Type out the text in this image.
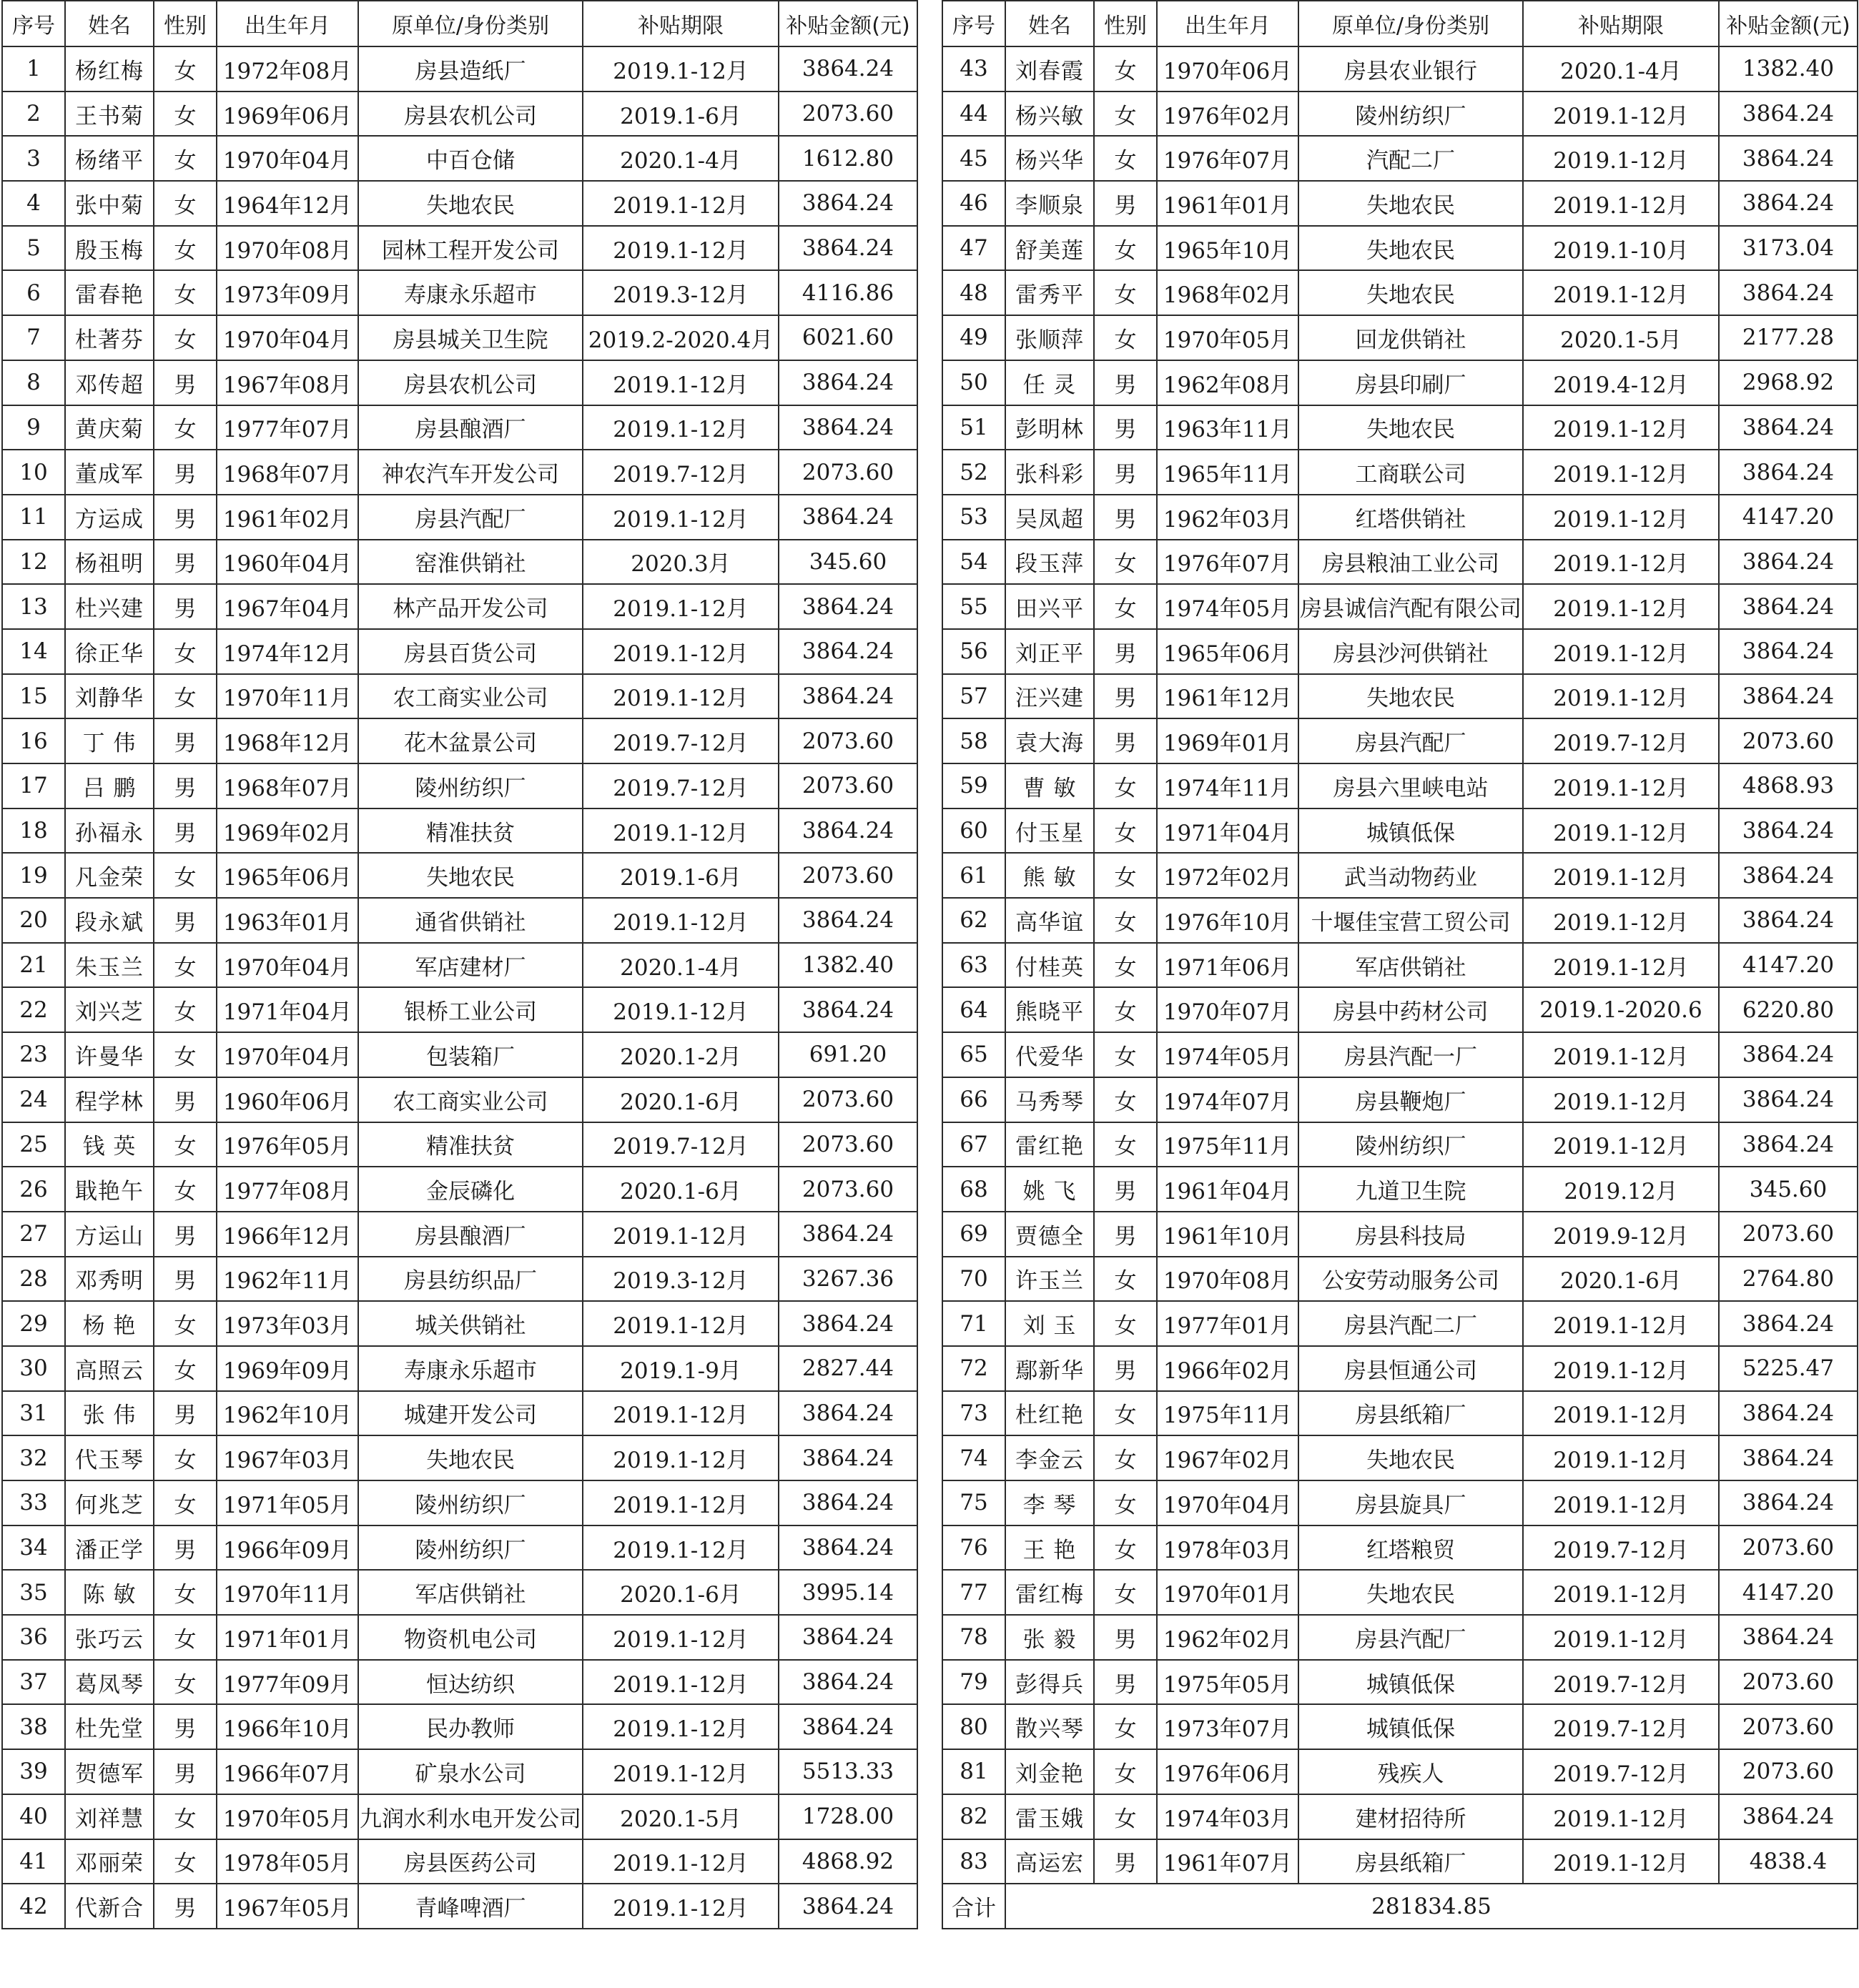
序号	姓名	性别	出生年月	原单位/身份类别	补贴期限	补贴金额(元)
1	杨红梅	女	1972年08月	房县造纸厂	2019.1-12月	3864.24
2	王书菊	女	1969年06月	房县农机公司	2019.1-6月	2073.60
3	杨绪平	女	1970年04月	中百仓储	2020.1-4月	1612.80
4	张中菊	女	1964年12月	失地农民	2019.1-12月	3864.24
5	殷玉梅	女	1970年08月	园林工程开发公司	2019.1-12月	3864.24
6	雷春艳	女	1973年09月	寿康永乐超市	2019.3-12月	4116.86
7	杜著芬	女	1970年04月	房县城关卫生院	2019.2-2020.4月	6021.60
8	邓传超	男	1967年08月	房县农机公司	2019.1-12月	3864.24
9	黄庆菊	女	1977年07月	房县酿酒厂	2019.1-12月	3864.24
10	董成军	男	1968年07月	神农汽车开发公司	2019.7-12月	2073.60
11	方运成	男	1961年02月	房县汽配厂	2019.1-12月	3864.24
12	杨祖明	男	1960年04月	窑淮供销社	2020.3月	345.60
13	杜兴建	男	1967年04月	林产品开发公司	2019.1-12月	3864.24
14	徐正华	女	1974年12月	房县百货公司	2019.1-12月	3864.24
15	刘静华	女	1970年11月	农工商实业公司	2019.1-12月	3864.24
16	丁 伟	男	1968年12月	花木盆景公司	2019.7-12月	2073.60
17	吕 鹏	男	1968年07月	陵州纺织厂	2019.7-12月	2073.60
18	孙福永	男	1969年02月	精准扶贫	2019.1-12月	3864.24
19	凡金荣	女	1965年06月	失地农民	2019.1-6月	2073.60
20	段永斌	男	1963年01月	通省供销社	2019.1-12月	3864.24
21	朱玉兰	女	1970年04月	军店建材厂	2020.1-4月	1382.40
22	刘兴芝	女	1971年04月	银桥工业公司	2019.1-12月	3864.24
23	许曼华	女	1970年04月	包装箱厂	2020.1-2月	691.20
24	程学林	男	1960年06月	农工商实业公司	2020.1-6月	2073.60
25	钱 英	女	1976年05月	精准扶贫	2019.7-12月	2073.60
26	戢艳午	女	1977年08月	金辰磷化	2020.1-6月	2073.60
27	方运山	男	1966年12月	房县酿酒厂	2019.1-12月	3864.24
28	邓秀明	男	1962年11月	房县纺织品厂	2019.3-12月	3267.36
29	杨 艳	女	1973年03月	城关供销社	2019.1-12月	3864.24
30	高照云	女	1969年09月	寿康永乐超市	2019.1-9月	2827.44
31	张 伟	男	1962年10月	城建开发公司	2019.1-12月	3864.24
32	代玉琴	女	1967年03月	失地农民	2019.1-12月	3864.24
33	何兆芝	女	1971年05月	陵州纺织厂	2019.1-12月	3864.24
34	潘正学	男	1966年09月	陵州纺织厂	2019.1-12月	3864.24
35	陈 敏	女	1970年11月	军店供销社	2020.1-6月	3995.14
36	张巧云	女	1971年01月	物资机电公司	2019.1-12月	3864.24
37	葛凤琴	女	1977年09月	恒达纺织	2019.1-12月	3864.24
38	杜先堂	男	1966年10月	民办教师	2019.1-12月	3864.24
39	贺德军	男	1966年07月	矿泉水公司	2019.1-12月	5513.33
40	刘祥慧	女	1970年05月	九润水利水电开发公司	2020.1-5月	1728.00
41	邓丽荣	女	1978年05月	房县医药公司	2019.1-12月	4868.92
42	代新合	男	1967年05月	青峰啤酒厂	2019.1-12月	3864.24
序号	姓名	性别	出生年月	原单位/身份类别	补贴期限	补贴金额(元)
43	刘春霞	女	1970年06月	房县农业银行	2020.1-4月	1382.40
44	杨兴敏	女	1976年02月	陵州纺织厂	2019.1-12月	3864.24
45	杨兴华	女	1976年07月	汽配二厂	2019.1-12月	3864.24
46	李顺泉	男	1961年01月	失地农民	2019.1-12月	3864.24
47	舒美莲	女	1965年10月	失地农民	2019.1-10月	3173.04
48	雷秀平	女	1968年02月	失地农民	2019.1-12月	3864.24
49	张顺萍	女	1970年05月	回龙供销社	2020.1-5月	2177.28
50	任 灵	男	1962年08月	房县印刷厂	2019.4-12月	2968.92
51	彭明林	男	1963年11月	失地农民	2019.1-12月	3864.24
52	张科彩	男	1965年11月	工商联公司	2019.1-12月	3864.24
53	吴凤超	男	1962年03月	红塔供销社	2019.1-12月	4147.20
54	段玉萍	女	1976年07月	房县粮油工业公司	2019.1-12月	3864.24
55	田兴平	女	1974年05月	房县诚信汽配有限公司	2019.1-12月	3864.24
56	刘正平	男	1965年06月	房县沙河供销社	2019.1-12月	3864.24
57	汪兴建	男	1961年12月	失地农民	2019.1-12月	3864.24
58	袁大海	男	1969年01月	房县汽配厂	2019.7-12月	2073.60
59	曹 敏	女	1974年11月	房县六里峡电站	2019.1-12月	4868.93
60	付玉星	女	1971年04月	城镇低保	2019.1-12月	3864.24
61	熊 敏	女	1972年02月	武当动物药业	2019.1-12月	3864.24
62	高华谊	女	1976年10月	十堰佳宝营工贸公司	2019.1-12月	3864.24
63	付桂英	女	1971年06月	军店供销社	2019.1-12月	4147.20
64	熊晓平	女	1970年07月	房县中药材公司	2019.1-2020.6	6220.80
65	代爱华	女	1974年05月	房县汽配一厂	2019.1-12月	3864.24
66	马秀琴	女	1974年07月	房县鞭炮厂	2019.1-12月	3864.24
67	雷红艳	女	1975年11月	陵州纺织厂	2019.1-12月	3864.24
68	姚 飞	男	1961年04月	九道卫生院	2019.12月	345.60
69	贾德全	男	1961年10月	房县科技局	2019.9-12月	2073.60
70	许玉兰	女	1970年08月	公安劳动服务公司	2020.1-6月	2764.80
71	刘 玉	女	1977年01月	房县汽配二厂	2019.1-12月	3864.24
72	鄢新华	男	1966年02月	房县恒通公司	2019.1-12月	5225.47
73	杜红艳	女	1975年11月	房县纸箱厂	2019.1-12月	3864.24
74	李金云	女	1967年02月	失地农民	2019.1-12月	3864.24
75	李 琴	女	1970年04月	房县旋具厂	2019.1-12月	3864.24
76	王 艳	女	1978年03月	红塔粮贸	2019.7-12月	2073.60
77	雷红梅	女	1970年01月	失地农民	2019.1-12月	4147.20
78	张 毅	男	1962年02月	房县汽配厂	2019.1-12月	3864.24
79	彭得兵	男	1975年05月	城镇低保	2019.7-12月	2073.60
80	散兴琴	女	1973年07月	城镇低保	2019.7-12月	2073.60
81	刘金艳	女	1976年06月	残疾人	2019.7-12月	2073.60
82	雷玉娥	女	1974年03月	建材招待所	2019.1-12月	3864.24
83	高运宏	男	1961年07月	房县纸箱厂	2019.1-12月	4838.4
合计	281834.85					
